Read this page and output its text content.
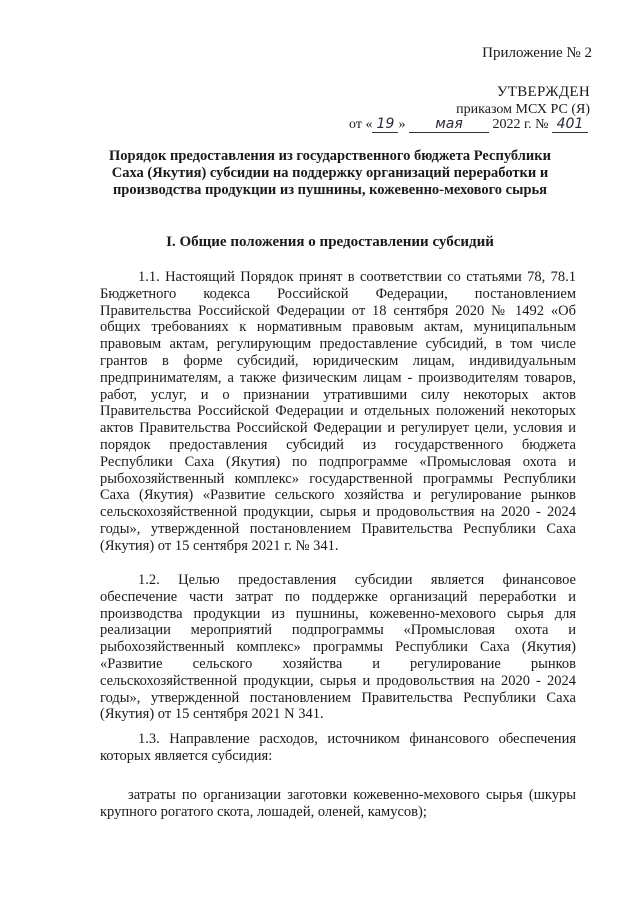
Приложение № 2
УТВЕРЖДЕН
приказом МСХ РС (Я)
от « 19 » мая 2022 г. № 401
Порядок предоставления из государственного бюджета Республики Саха (Якутия) субсидии на поддержку организаций переработки и производства продукции из пушнины, кожевенно-мехового сырья
I. Общие положения о предоставлении субсидий

1.1. Настоящий Порядок принят в соответствии со статьями 78, 78.1 Бюджетного кодекса Российской Федерации, постановлением Правительства Российской Федерации от 18 сентября 2020 № 1492 «Об общих требованиях к нормативным правовым актам, муниципальным правовым актам, регулирующим предоставление субсидий, в том числе грантов в форме субсидий, юридическим лицам, индивидуальным предпринимателям, а также физическим лицам - производителям товаров, работ, услуг, и о признании утратившими силу некоторых актов Правительства Российской Федерации и отдельных положений некоторых актов Правительства Российской Федерации и регулирует цели, условия и порядок предоставления субсидий из государственного бюджета Республики Саха (Якутия) по подпрограмме «Промысловая охота и рыбохозяйственный комплекс» государственной программы Республики Саха (Якутия) «Развитие сельского хозяйства и регулирование рынков сельскохозяйственной продукции, сырья и продовольствия на 2020 - 2024 годы», утвержденной постановлением Правительства Республики Саха (Якутия) от 15 сентября 2021 г. № 341.

1.2. Целью предоставления субсидии является финансовое обеспечение части затрат по поддержке организаций переработки и производства продукции из пушнины, кожевенно-мехового сырья для реализации мероприятий подпрограммы «Промысловая охота и рыбохозяйственный комплекс» программы Республики Саха (Якутия) «Развитие сельского хозяйства и регулирование рынков сельскохозяйственной продукции, сырья и продовольствия на 2020 - 2024 годы», утвержденной постановлением Правительства Республики Саха (Якутия) от 15 сентября 2021 N 341.

1.3. Направление расходов, источником финансового обеспечения которых является субсидия:

затраты по организации заготовки кожевенно-мехового сырья (шкуры крупного рогатого скота, лошадей, оленей, камусов);
